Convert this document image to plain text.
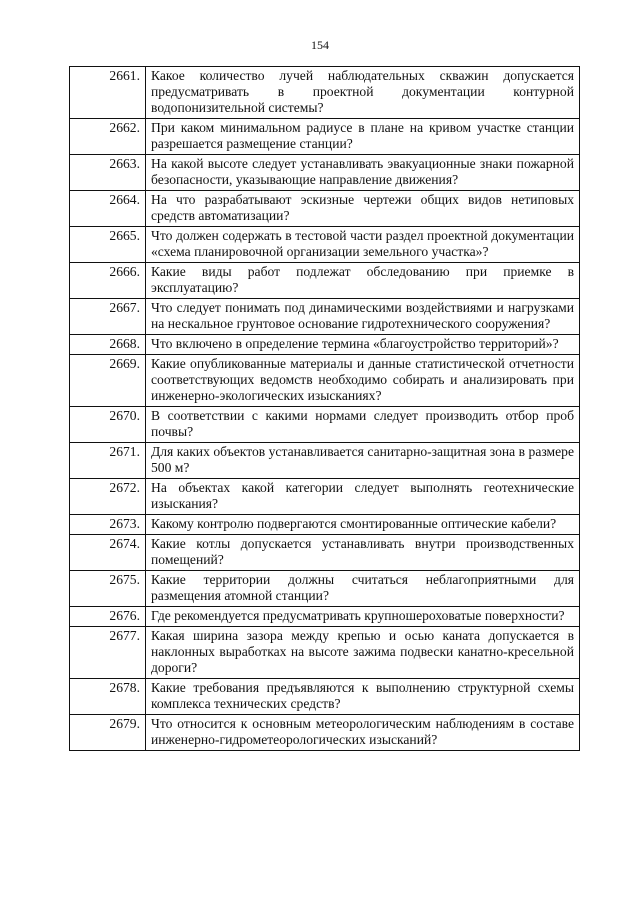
154
2661.	Какое количество лучей наблюдательных скважин допускается предусматривать в проектной документации контурной водопонизительной системы?
2662.	При каком минимальном радиусе в плане на кривом участке станции разрешается размещение станции?
2663.	На какой высоте следует устанавливать эвакуационные знаки пожарной безопасности, указывающие направление движения?
2664.	На что разрабатывают эскизные чертежи общих видов нетиповых средств автоматизации?
2665.	Что должен содержать в тестовой части раздел проектной документации «схема планировочной организации земельного участка»?
2666.	Какие виды работ подлежат обследованию при приемке в эксплуатацию?
2667.	Что следует понимать под динамическими воздействиями и нагрузками на нескальное грунтовое основание гидротехнического сооружения?
2668.	Что включено в определение термина «благоустройство территорий»?
2669.	Какие опубликованные материалы и данные статистической отчетности соответствующих ведомств необходимо собирать и анализировать при инженерно-экологических изысканиях?
2670.	В соответствии с какими нормами следует производить отбор проб почвы?
2671.	Для каких объектов устанавливается санитарно-защитная зона в размере 500 м?
2672.	На объектах какой категории следует выполнять геотехнические изыскания?
2673.	Какому контролю подвергаются смонтированные оптические кабели?
2674.	Какие котлы допускается устанавливать внутри производственных помещений?
2675.	Какие территории должны считаться неблагоприятными для размещения атомной станции?
2676.	Где рекомендуется предусматривать крупношероховатые поверхности?
2677.	Какая ширина зазора между крепью и осью каната допускается в наклонных выработках на высоте зажима подвески канатно-кресельной дороги?
2678.	Какие требования предъявляются к выполнению структурной схемы комплекса технических средств?
2679.	Что относится к основным метеорологическим наблюдениям в составе инженерно-гидрометеорологических изысканий?
